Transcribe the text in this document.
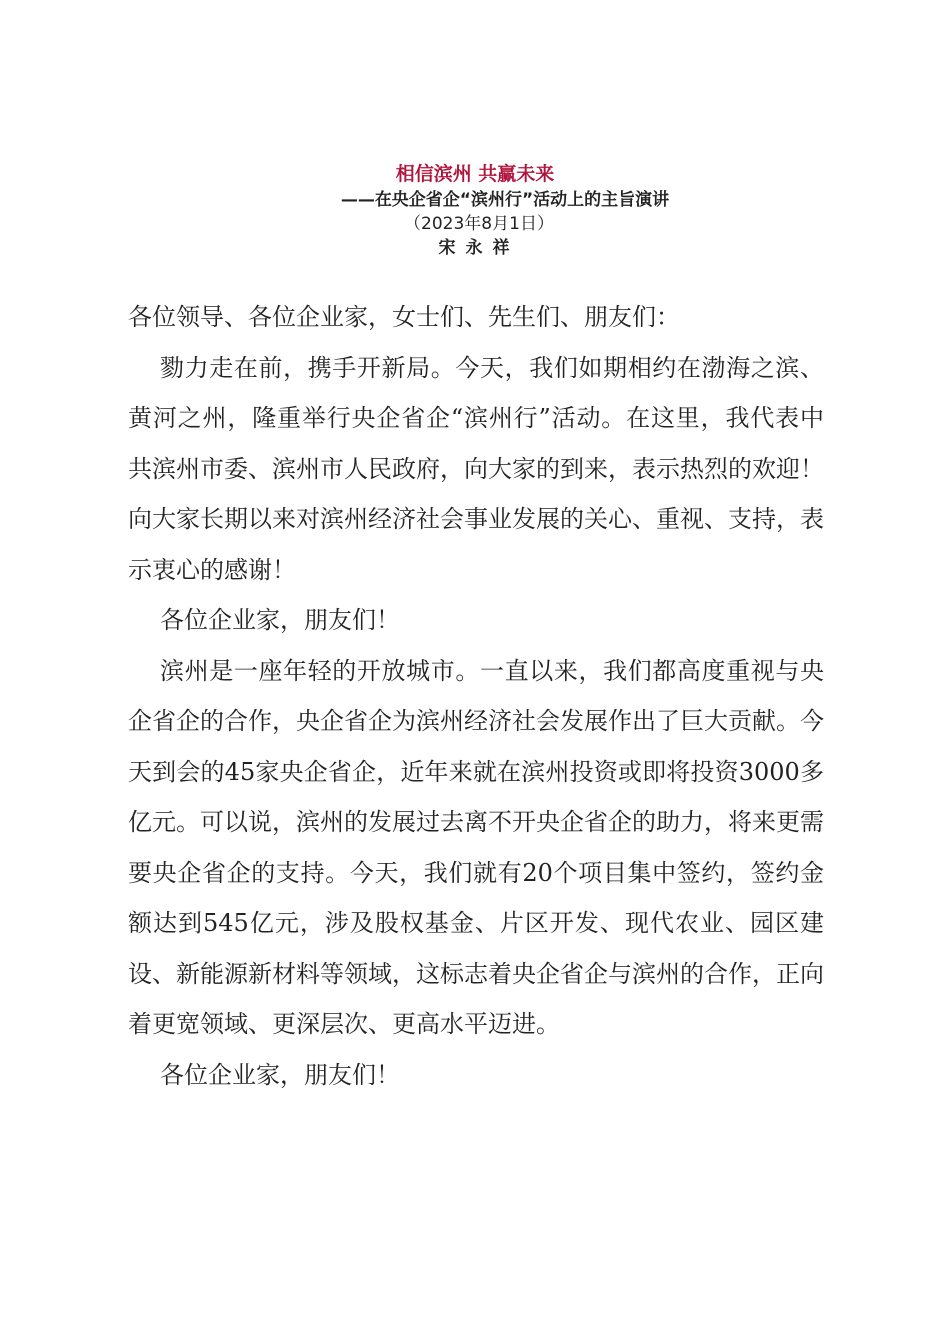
相信滨州 共赢未来
——在央企省企“滨州行”活动上的主旨演讲
（2023年8月1日）
宋永祥

各位领导、各位企业家，女士们、先生们、朋友们：

勠力走在前，携手开新局。今天，我们如期相约在渤海之滨、黄河之州，隆重举行央企省企“滨州行”活动。在这里，我代表中共滨州市委、滨州市人民政府，向大家的到来，表示热烈的欢迎！向大家长期以来对滨州经济社会事业发展的关心、重视、支持，表示衷心的感谢！

各位企业家，朋友们！

滨州是一座年轻的开放城市。一直以来，我们都高度重视与央企省企的合作，央企省企为滨州经济社会发展作出了巨大贡献。今天到会的45家央企省企，近年来就在滨州投资或即将投资3000多亿元。可以说，滨州的发展过去离不开央企省企的助力，将来更需要央企省企的支持。今天，我们就有20个项目集中签约，签约金额达到545亿元，涉及股权基金、片区开发、现代农业、园区建设、新能源新材料等领域，这标志着央企省企与滨州的合作，正向着更宽领域、更深层次、更高水平迈进。

各位企业家，朋友们！
